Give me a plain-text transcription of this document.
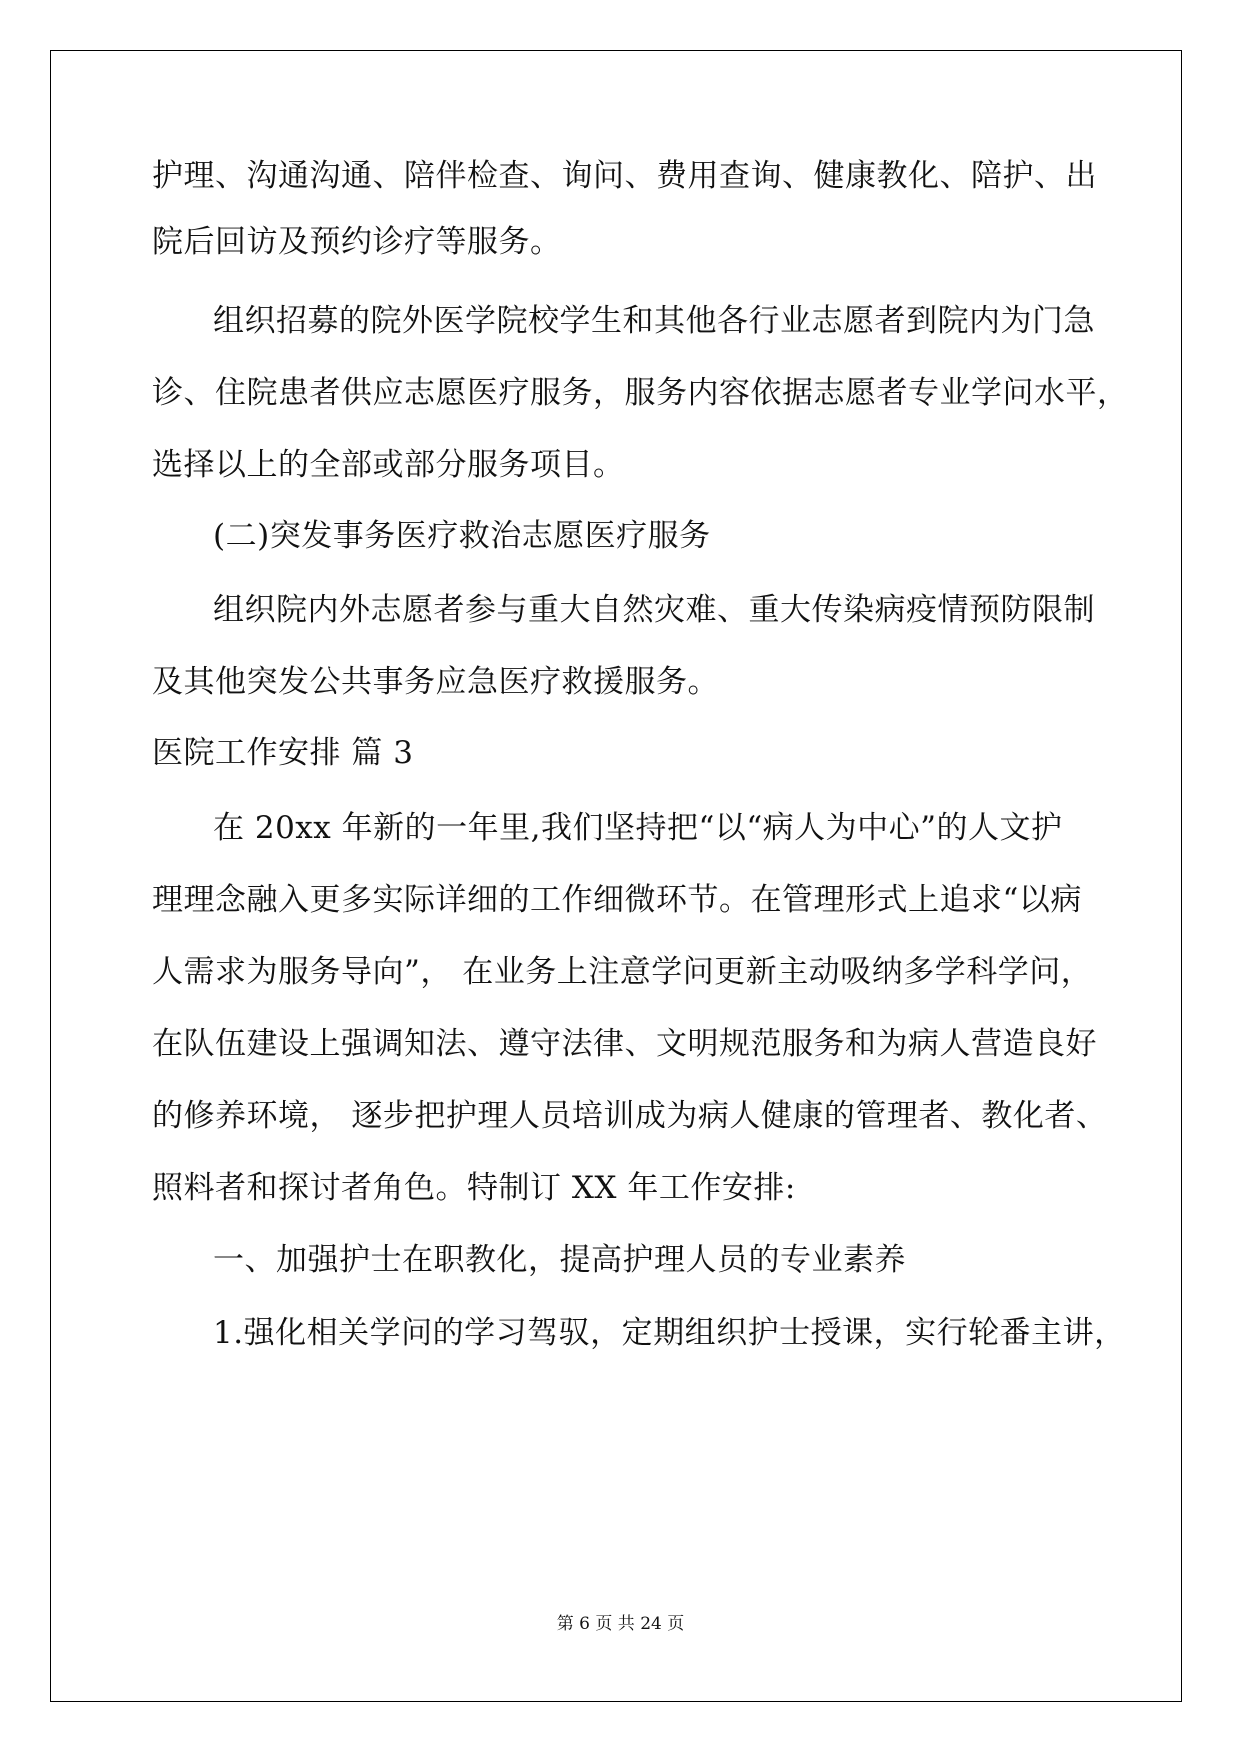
护理、沟通沟通、陪伴检查、询问、费用查询、健康教化、陪护、出
院后回访及预约诊疗等服务。
组织招募的院外医学院校学生和其他各行业志愿者到院内为门急
诊、住院患者供应志愿医疗服务，服务内容依据志愿者专业学问水平，
选择以上的全部或部分服务项目。
(二)突发事务医疗救治志愿医疗服务
组织院内外志愿者参与重大自然灾难、重大传染病疫情预防限制
及其他突发公共事务应急医疗救援服务。
医院工作安排 篇 3
在 20xx 年新的一年里,我们坚持把“以“病人为中心”的人文护
理理念融入更多实际详细的工作细微环节。在管理形式上追求“以病
人需求为服务导向”， 在业务上注意学问更新主动吸纳多学科学问，
在队伍建设上强调知法、遵守法律、文明规范服务和为病人营造良好
的修养环境， 逐步把护理人员培训成为病人健康的管理者、教化者、
照料者和探讨者角色。特制订 XX 年工作安排:
一、加强护士在职教化，提高护理人员的专业素养
1.强化相关学问的学习驾驭，定期组织护士授课，实行轮番主讲，
第 6 页 共 24 页
